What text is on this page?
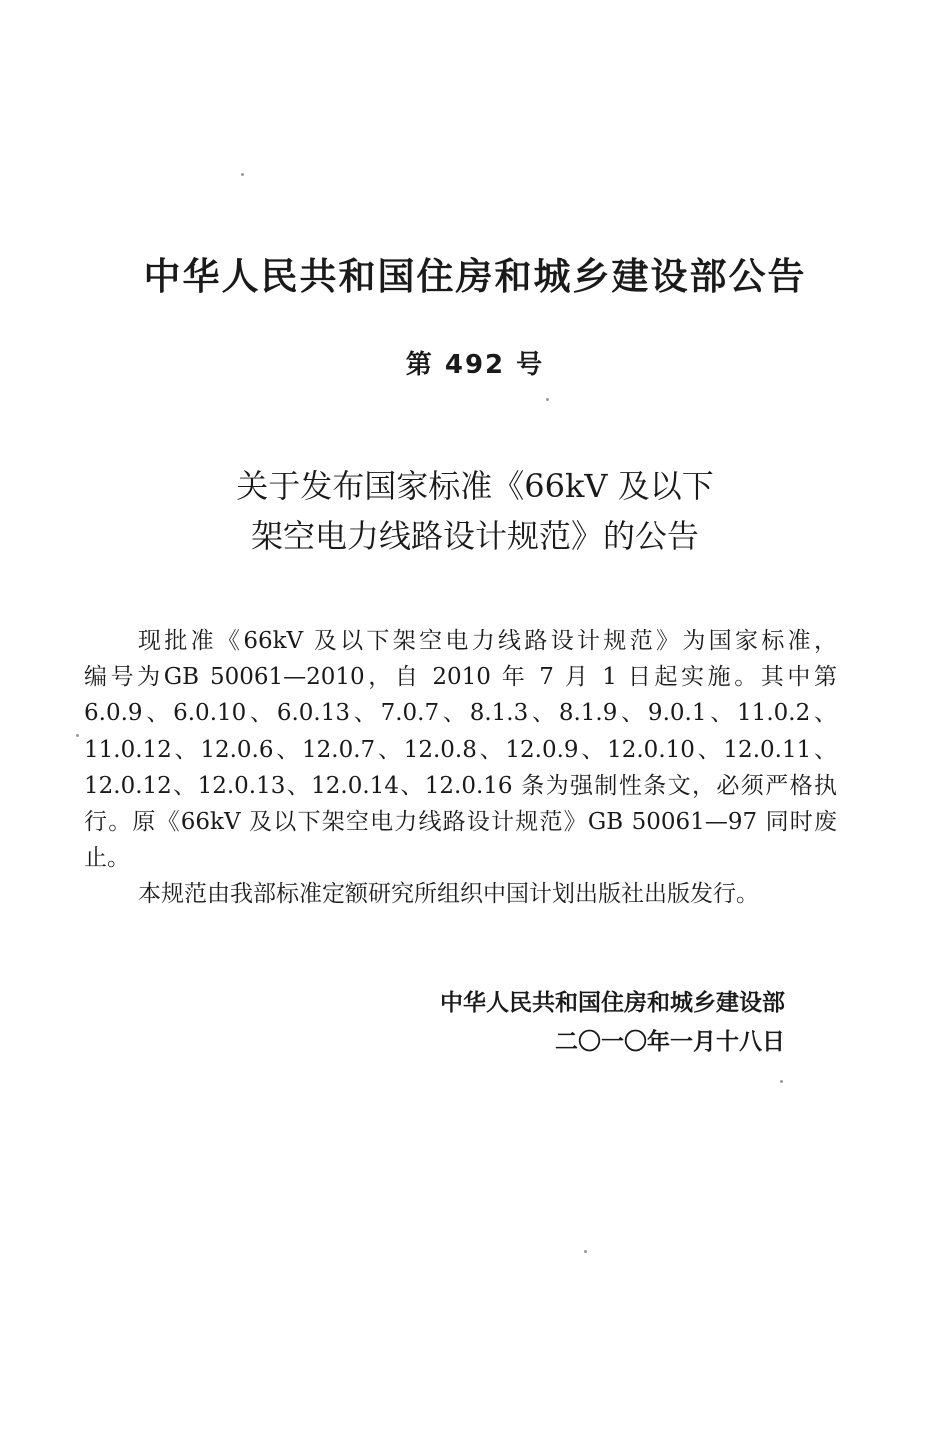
中华人民共和国住房和城乡建设部公告
第 492 号
关于发布国家标准《66kV 及以下
架空电力线路设计规范》的公告
现批准《66kV 及以下架空电力线路设计规范》为国家标准，
编号为GB 50061—2010，自 2010 年 7 月 1 日起实施。其中第
6.0.9、6.0.10、6.0.13、7.0.7、8.1.3、8.1.9、9.0.1、11.0.2、
11.0.12、12.0.6、12.0.7、12.0.8、12.0.9、12.0.10、12.0.11、
12.0.12、12.0.13、12.0.14、12.0.16 条为强制性条文，必须严格执
行。原《66kV 及以下架空电力线路设计规范》GB 50061—97 同时废
止。
本规范由我部标准定额研究所组织中国计划出版社出版发行。
中华人民共和国住房和城乡建设部
二〇一〇年一月十八日
